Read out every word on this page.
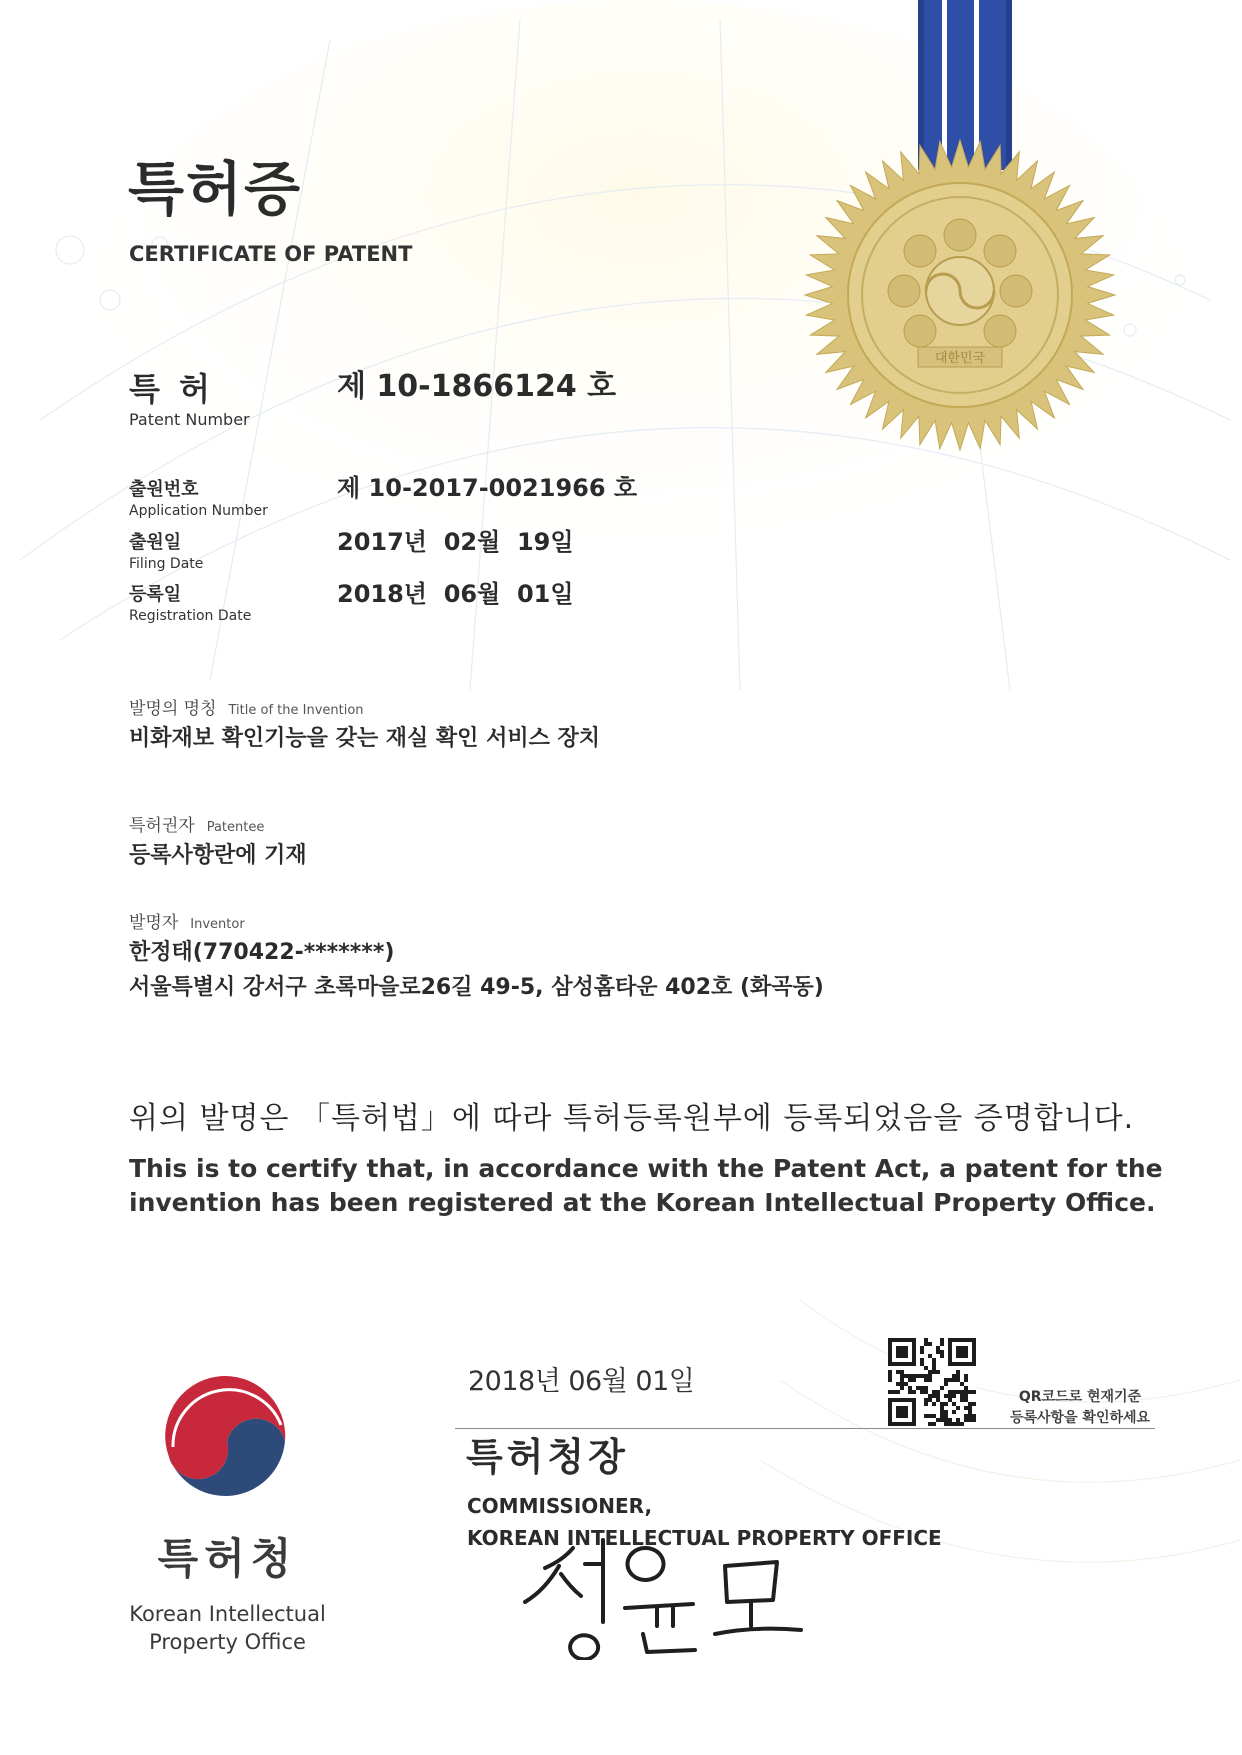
대한민국
특허증
CERTIFICATE OF PATENT
특 허
Patent Number
제 10-1866124 호
출원번호
Application Number
제 10-2017-0021966 호
출원일
Filing Date
2017년  02월  19일
등록일
Registration Date
2018년  06월  01일
발명의 명칭 Title of the Invention
비화재보 확인기능을 갖는 재실 확인 서비스 장치
특허권자 Patentee
등록사항란에 기재
발명자 Inventor
한정태(770422-*******)
서울특별시 강서구 초록마을로26길 49-5, 삼성홈타운 402호 (화곡동)
위의 발명은 「특허법」에 따라 특허등록원부에 등록되었음을 증명합니다.
This is to certify that, in accordance with the Patent Act, a patent for the invention has been registered at the Korean Intellectual Property Office.
2018년 06월 01일
특허청장
COMMISSIONER,
KOREAN INTELLECTUAL PROPERTY OFFICE
QR코드로 현재기준
등록사항을 확인하세요
특허청
Korean Intellectual
Property Office
